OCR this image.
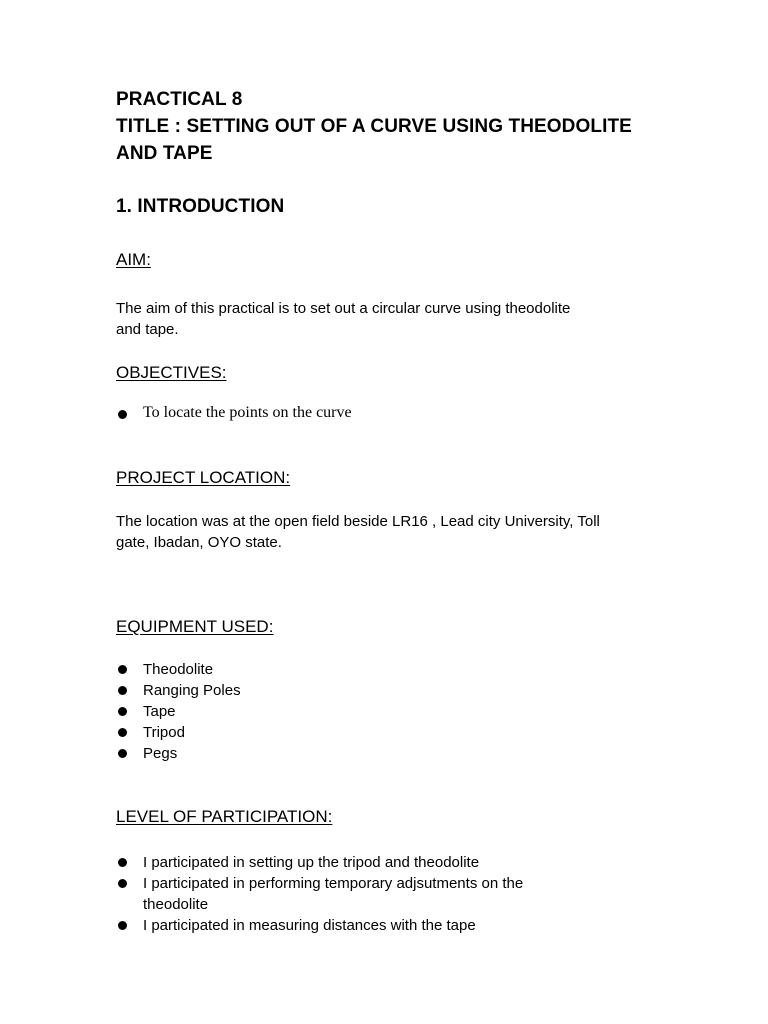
PRACTICAL 8
TITLE : SETTING OUT OF A CURVE USING THEODOLITE
AND TAPE
1. INTRODUCTION
AIM:
The aim of this practical is to set out a circular curve using theodolite
and tape.
OBJECTIVES:
To locate the points on the curve
PROJECT LOCATION:
The location was at the open field beside LR16 , Lead city University, Toll
gate, Ibadan, OYO state.
EQUIPMENT USED:
Theodolite
Ranging Poles
Tape
Tripod
Pegs
LEVEL OF PARTICIPATION:
I participated in setting up the tripod and theodolite
I participated in performing temporary adjsutments on the
theodolite
I participated in measuring distances with the tape
